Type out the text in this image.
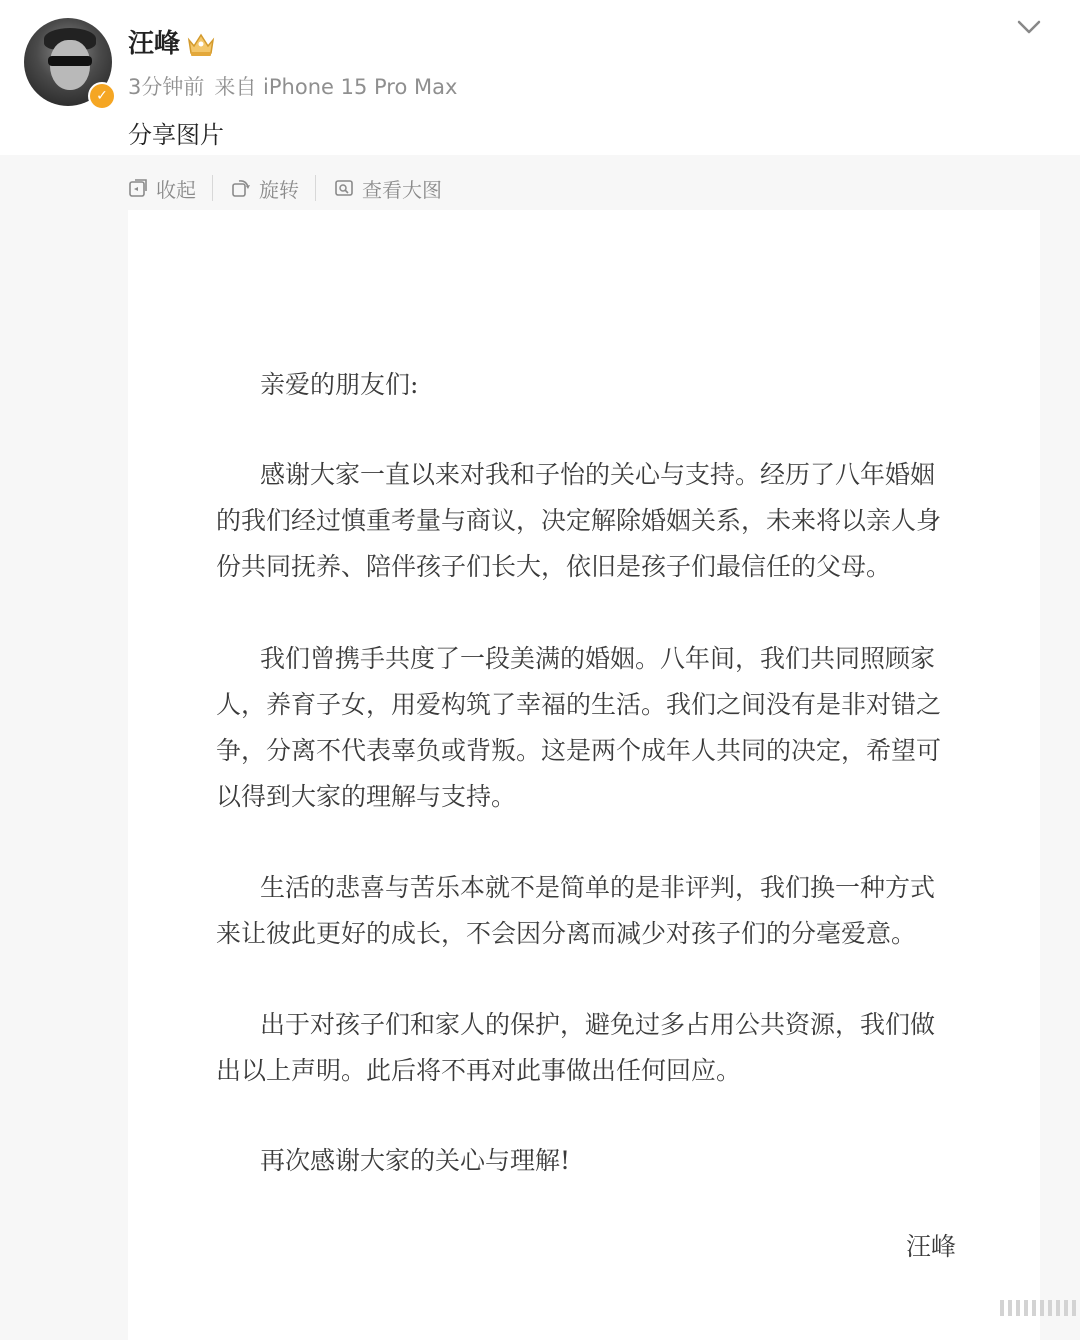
✓
汪峰
3分钟前 来自 iPhone 15 Pro Max
分享图片
收起	旋转	查看大图

亲爱的朋友们:

感谢大家一直以来对我和子怡的关心与支持。经历了八年婚姻的我们经过慎重考量与商议，决定解除婚姻关系，未来将以亲人身份共同抚养、陪伴孩子们长大，依旧是孩子们最信任的父母。

我们曾携手共度了一段美满的婚姻。八年间，我们共同照顾家人，养育子女，用爱构筑了幸福的生活。我们之间没有是非对错之争，分离不代表辜负或背叛。这是两个成年人共同的决定，希望可以得到大家的理解与支持。

生活的悲喜与苦乐本就不是简单的是非评判，我们换一种方式来让彼此更好的成长，不会因分离而减少对孩子们的分毫爱意。

出于对孩子们和家人的保护，避免过多占用公共资源，我们做出以上声明。此后将不再对此事做出任何回应。

再次感谢大家的关心与理解!

汪峰
